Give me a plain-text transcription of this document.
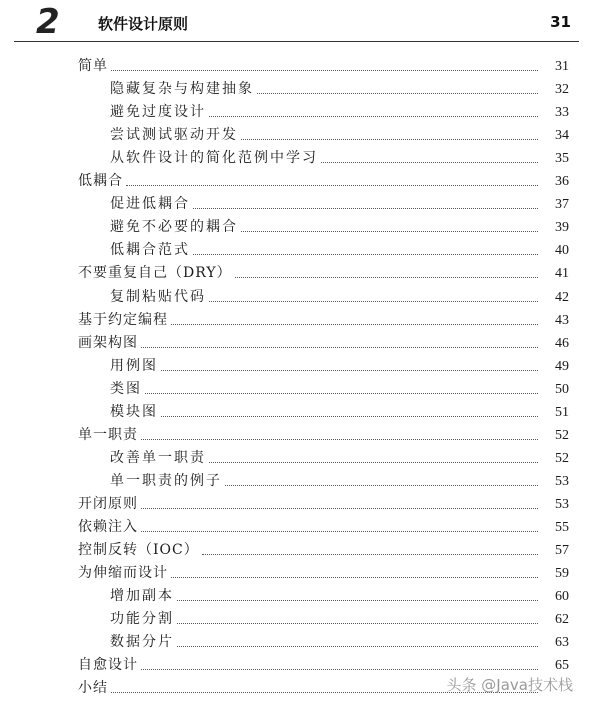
2	软件设计原则	31
简单	31
隐藏复杂与构建抽象	32
避免过度设计	33
尝试测试驱动开发	34
从软件设计的简化范例中学习	35
低耦合	36
促进低耦合	37
避免不必要的耦合	39
低耦合范式	40
不要重复自己（DRY）	41
复制粘贴代码	42
基于约定编程	43
画架构图	46
用例图	49
类图	50
模块图	51
单一职责	52
改善单一职责	52
单一职责的例子	53
开闭原则	53
依赖注入	55
控制反转（IOC）	57
为伸缩而设计	59
增加副本	60
功能分割	62
数据分片	63
自愈设计	65
小结	头条 @Java技术栈
